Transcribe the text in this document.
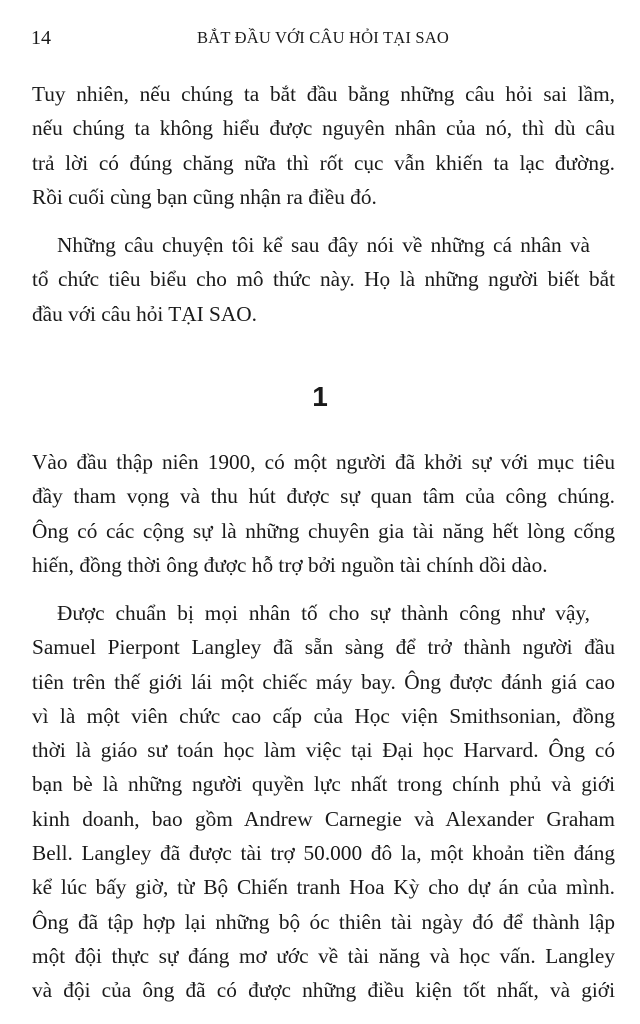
14	BẮT ĐẦU VỚI CÂU HỎI TẠI SAO
Tuy nhiên, nếu chúng ta bắt đầu bằng những câu hỏi sai lầm,
nếu chúng ta không hiểu được nguyên nhân của nó, thì dù câu
trả lời có đúng chăng nữa thì rốt cục vẫn khiến ta lạc đường.
Rồi cuối cùng bạn cũng nhận ra điều đó.
Những câu chuyện tôi kể sau đây nói về những cá nhân và
tổ chức tiêu biểu cho mô thức này. Họ là những người biết bắt
đầu với câu hỏi TẠI SAO.
1
Vào đầu thập niên 1900, có một người đã khởi sự với mục tiêu
đầy tham vọng và thu hút được sự quan tâm của công chúng.
Ông có các cộng sự là những chuyên gia tài năng hết lòng cống
hiến, đồng thời ông được hỗ trợ bởi nguồn tài chính dồi dào.
Được chuẩn bị mọi nhân tố cho sự thành công như vậy,
Samuel Pierpont Langley đã sẵn sàng để trở thành người đầu
tiên trên thế giới lái một chiếc máy bay. Ông được đánh giá cao
vì là một viên chức cao cấp của Học viện Smithsonian, đồng
thời là giáo sư toán học làm việc tại Đại học Harvard. Ông có
bạn bè là những người quyền lực nhất trong chính phủ và giới
kinh doanh, bao gồm Andrew Carnegie và Alexander Graham
Bell. Langley đã được tài trợ 50.000 đô la, một khoản tiền đáng
kể lúc bấy giờ, từ Bộ Chiến tranh Hoa Kỳ cho dự án của mình.
Ông đã tập hợp lại những bộ óc thiên tài ngày đó để thành lập
một đội thực sự đáng mơ ước về tài năng và học vấn. Langley
và đội của ông đã có được những điều kiện tốt nhất, và giới
